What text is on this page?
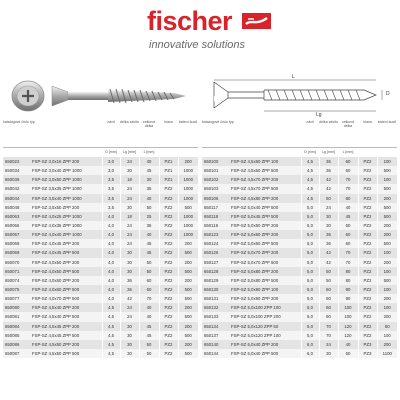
fischer
innovative solutions
L
Lg
D
katalogové číslo	typ	závit	délka závitu	celková délka	hlava	balení kusů
		D [mm]	Lg [mm]	L [mm]		
650022	FSP-SZ 3,0x16 ZPP 200	3,0	24	40	PZ1	200
650034	FSP-SZ 3,0x40 ZPP 1000	3,0	30	45	PZ1	1000
650036	FSP-SZ 3,0x50 ZPP 1000	3,5	18	30	PZ1	1000
650042	FSP-SZ 3,5x35 ZPP 1000	3,5	24	35	PZ2	1000
650044	FSP-SZ 3,5x40 ZPP 1000	3,5	24	40	PZ2	1000
650048	FSP-SZ 3,5x50 ZPP 200	3,5	30	50	PZ2	500
650063	FSP-SZ 4,0x25 ZPP 1000	4,0	18	25	PZ2	1000
650066	FSP-SZ 4,0x35 ZPP 1000	4,0	24	35	PZ2	1000
650067	FSP-SZ 4,0x40 ZPP 1000	4,0	24	40	PZ2	1000
650068	FSP-SZ 4,0x45 ZPP 200	4,0	24	45	PZ2	200
650069	FSP-SZ 4,0x45 ZPP 500	4,0	30	45	PZ2	500
650070	FSP-SZ 4,0x50 ZPP 200	4,0	30	50	PZ2	200
650071	FSP-SZ 4,0x50 ZPP 500	4,0	30	50	PZ2	500
650074	FSP-SZ 4,0x60 ZPP 200	4,0	36	60	PZ2	200
650075	FSP-SZ 4,0x60 ZPP 500	4,0	36	60	PZ2	500
650077	FSP-SZ 4,0x70 ZPP 500	4,0	42	70	PZ2	500
650080	FSP-SZ 4,5x40 ZPP 200	4,5	24	40	PZ2	200
650081	FSP-SZ 4,5x40 ZPP 500	4,5	24	40	PZ2	500
650084	FSP-SZ 4,5x45 ZPP 200	4,5	30	45	PZ2	200
650085	FSP-SZ 4,5x45 ZPP 500	4,5	30	45	PZ2	500
650086	FSP-SZ 4,5x50 ZPP 200	4,5	30	50	PZ2	200
650087	FSP-SZ 4,5x50 ZPP 500	4,5	30	50	PZ2	500
katalogové číslo	typ	závit	délka závitu	celková délka	hlava	balení kusů
		D [mm]	Lg [mm]	L [mm]		
650100	FSP-SZ 4,5x60 ZPP 100	4,5	36	60	PZ2	100
650101	FSP-SZ 4,5x60 ZPP 500	4,5	36	60	PZ2	500
650102	FSP-SZ 4,5x70 ZPP 200	4,5	42	70	PZ2	100
650103	FSP-SZ 4,5x70 ZPP 500	4,5	42	70	PZ2	500
650106	FSP-SZ 4,5x80 ZPP 200	4,5	50	80	PZ2	200
650117	FSP-SZ 5,0x40 ZPP 500	5,0	24	40	PZ2	500
650118	FSP-SZ 5,0x45 ZPP 500	5,0	30	45	PZ2	500
650119	FSP-SZ 5,0x50 ZPP 200	5,0	30	50	PZ2	200
650123	FSP-SZ 5,0x60 ZPP 200	5,0	36	60	PZ2	200
650124	FSP-SZ 5,0x60 ZPP 500	5,0	36	60	PZ2	500
650126	FSP-SZ 5,0x70 ZPP 200	5,0	42	70	PZ2	100
650127	FSP-SZ 5,0x70 ZPP 500	5,0	42	70	PZ2	200
650128	FSP-SZ 5,0x80 ZPP 200	5,0	50	80	PZ2	100
650129	FSP-SZ 5,0x80 ZPP 500	5,0	50	80	PZ2	500
650130	FSP-SZ 5,0x90 ZPP 100	5,0	60	90	PZ2	100
650131	FSP-SZ 5,0x90 ZPP 200	5,0	60	90	PZ2	200
650132	FSP-SZ 5,0x100 ZPP 100	5,0	60	100	PZ2	100
650133	FSP-SZ 5,0x100 ZPP 200	5,0	60	100	PZ2	200
650134	FSP-SZ 5,0x120 ZPP 50	5,0	70	120	PZ2	50
650137	FSP-SZ 5,0x120 ZPP 100	5,0	70	120	PZ2	100
650140	FSP-SZ 6,0x40 ZPP 200	6,0	24	40	PZ3	200
650144	FSP-SZ 6,0x40 ZPP 500	6,0	30	50	PZ3	1100
